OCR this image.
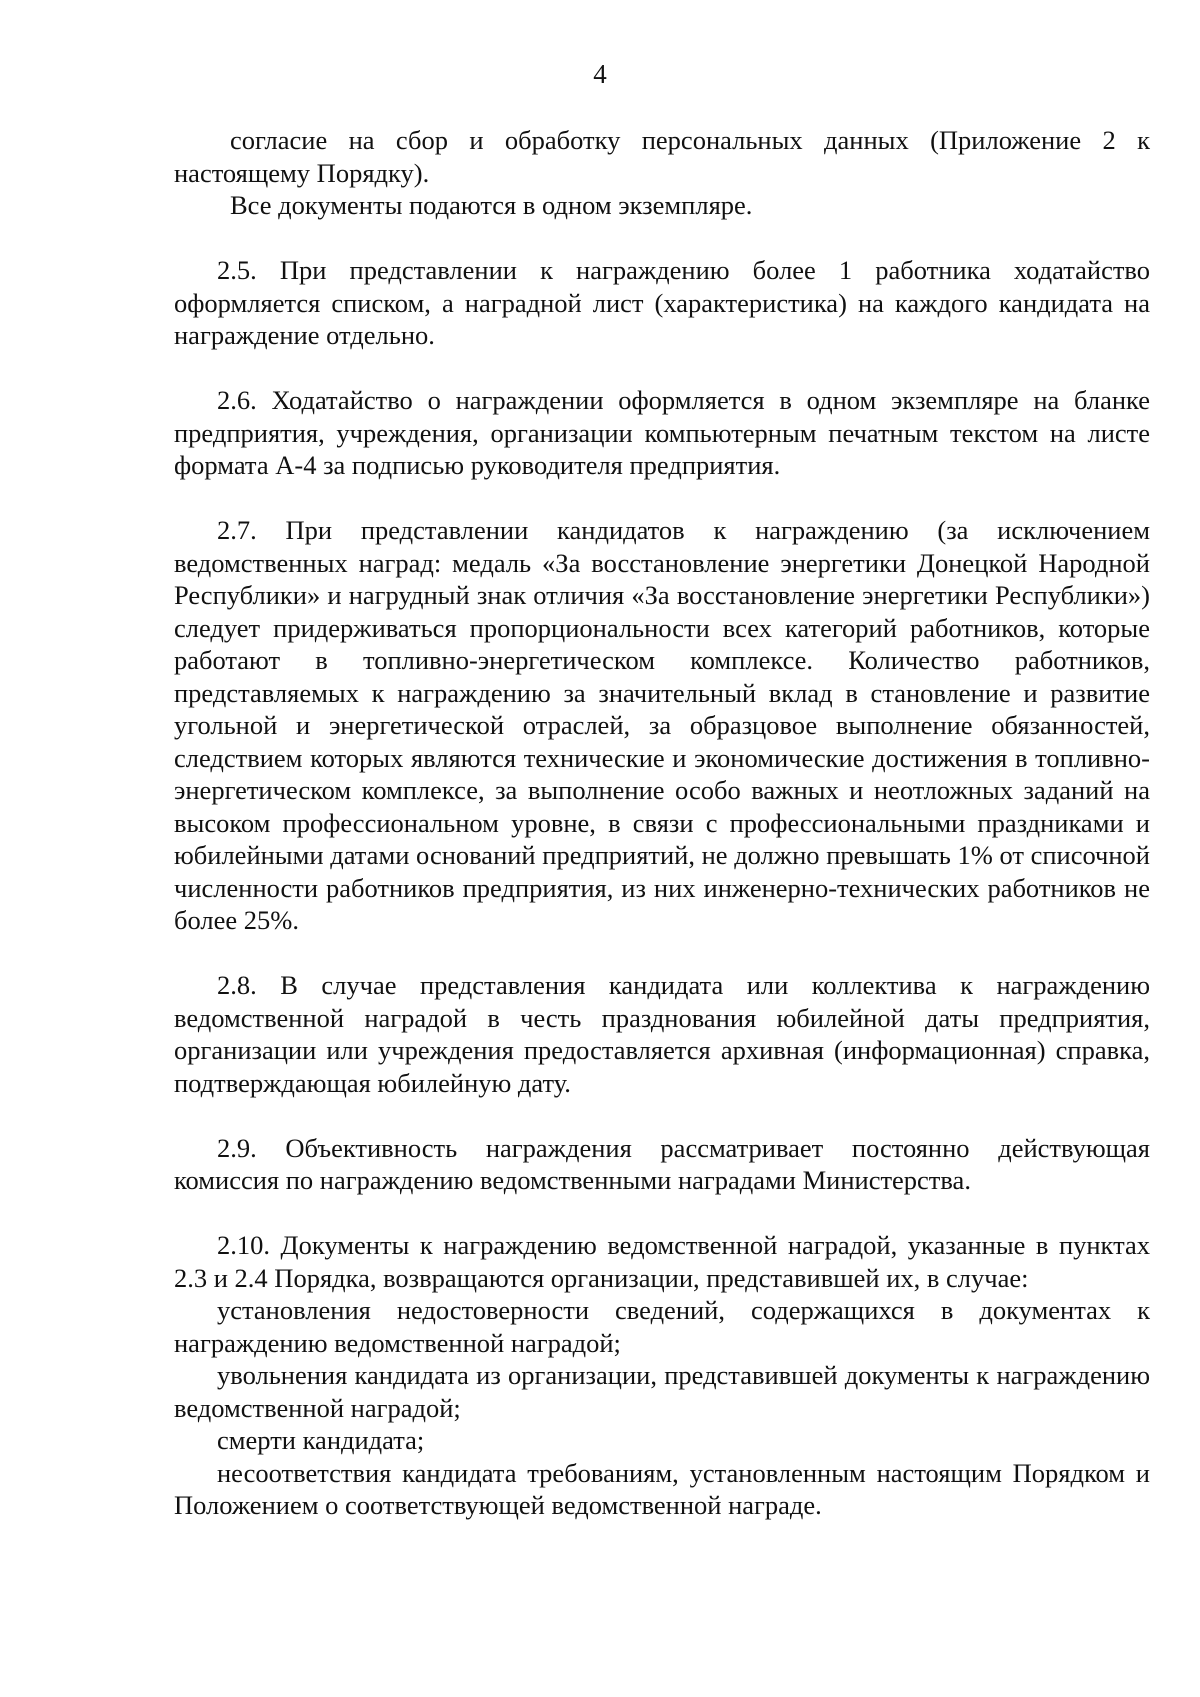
4

согласие на сбор и обработку персональных данных (Приложение 2 к настоящему Порядку).

Все документы подаются в одном экземпляре.

2.5. При представлении к награждению более 1 работника ходатайство оформляется списком, а наградной лист (характеристика) на каждого кандидата на награждение отдельно.

2.6. Ходатайство о награждении оформляется в одном экземпляре на бланке предприятия, учреждения, организации компьютерным печатным текстом на листе формата А-4 за подписью руководителя предприятия.

2.7. При представлении кандидатов к награждению (за исключением ведомственных наград: медаль «За восстановление энергетики Донецкой Народной Республики» и нагрудный знак отличия «За восстановление энергетики Республики») следует придерживаться пропорциональности всех категорий работников, которые работают в топливно-энергетическом комплексе. Количество работников, представляемых к награждению за значительный вклад в становление и развитие угольной и энергетической отраслей, за образцовое выполнение обязанностей, следствием которых являются технические и экономические достижения в топливно-энергетическом комплексе, за выполнение особо важных и неотложных заданий на высоком профессиональном уровне, в связи с профессиональными праздниками и юбилейными датами оснований предприятий, не должно превышать 1% от списочной численности работников предприятия, из них инженерно-технических работников не более 25%.

2.8. В случае представления кандидата или коллектива к награждению ведомственной наградой в честь празднования юбилейной даты предприятия, организации или учреждения предоставляется архивная (информационная) справка, подтверждающая юбилейную дату.

2.9. Объективность награждения рассматривает постоянно действующая комиссия по награждению ведомственными наградами Министерства.

2.10. Документы к награждению ведомственной наградой, указанные в пунктах 2.3 и 2.4 Порядка, возвращаются организации, представившей их, в случае:

установления недостоверности сведений, содержащихся в документах к награждению ведомственной наградой;

увольнения кандидата из организации, представившей документы к награждению ведомственной наградой;

смерти кандидата;

несоответствия кандидата требованиям, установленным настоящим Порядком и Положением о соответствующей ведомственной награде.
